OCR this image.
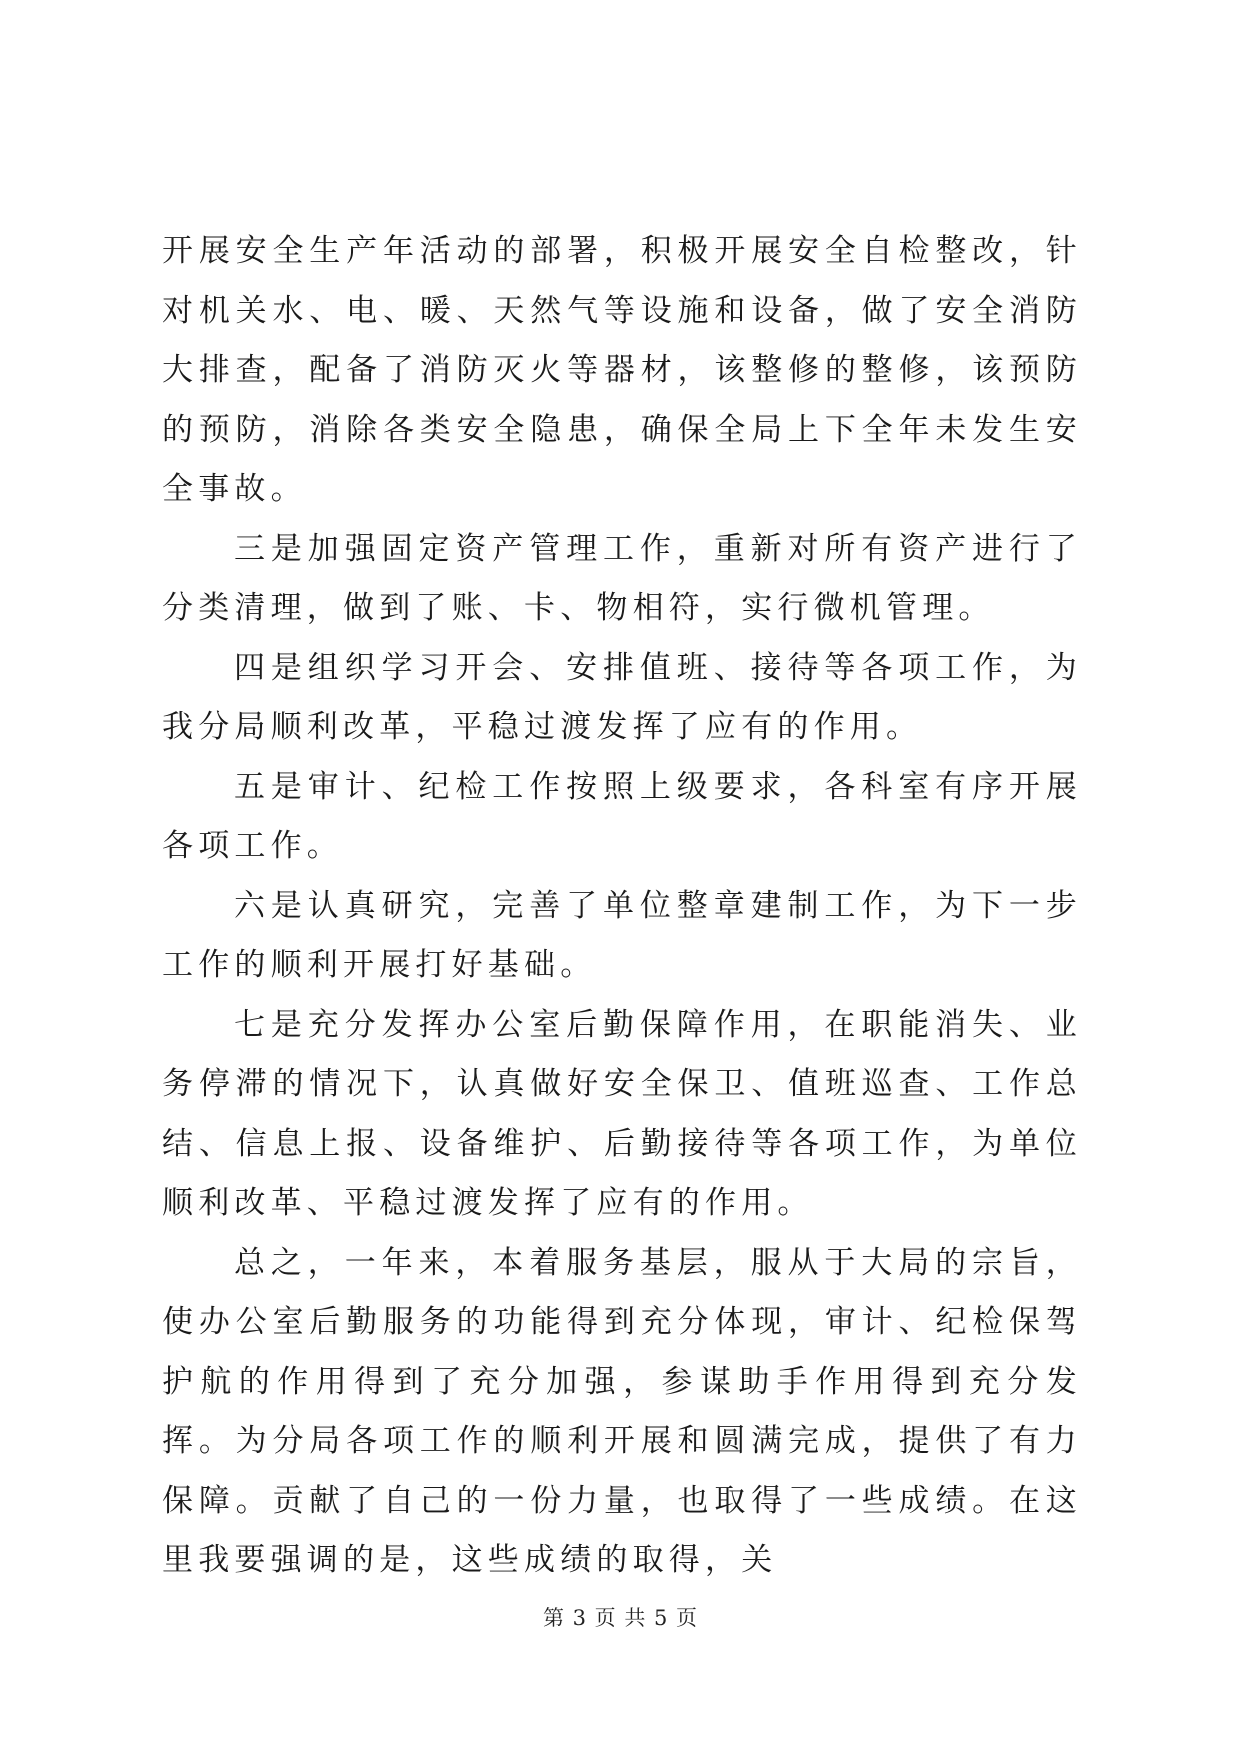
开展安全生产年活动的部署，积极开展安全自检整改，针对机关水、电、暖、天然气等设施和设备，做了安全消防大排查，配备了消防灭火等器材，该整修的整修，该预防的预防，消除各类安全隐患，确保全局上下全年未发生安全事故。

三是加强固定资产管理工作，重新对所有资产进行了分类清理，做到了账、卡、物相符，实行微机管理。

四是组织学习开会、安排值班、接待等各项工作，为我分局顺利改革，平稳过渡发挥了应有的作用。

五是审计、纪检工作按照上级要求，各科室有序开展各项工作。

六是认真研究，完善了单位整章建制工作，为下一步工作的顺利开展打好基础。

七是充分发挥办公室后勤保障作用，在职能消失、业务停滞的情况下，认真做好安全保卫、值班巡查、工作总结、信息上报、设备维护、后勤接待等各项工作，为单位顺利改革、平稳过渡发挥了应有的作用。

总之，一年来，本着服务基层，服从于大局的宗旨，使办公室后勤服务的功能得到充分体现，审计、纪检保驾护航的作用得到了充分加强，参谋助手作用得到充分发挥。为分局各项工作的顺利开展和圆满完成，提供了有力保障。贡献了自己的一份力量，也取得了一些成绩。在这里我要强调的是，这些成绩的取得，关

第 3 页 共 5 页
